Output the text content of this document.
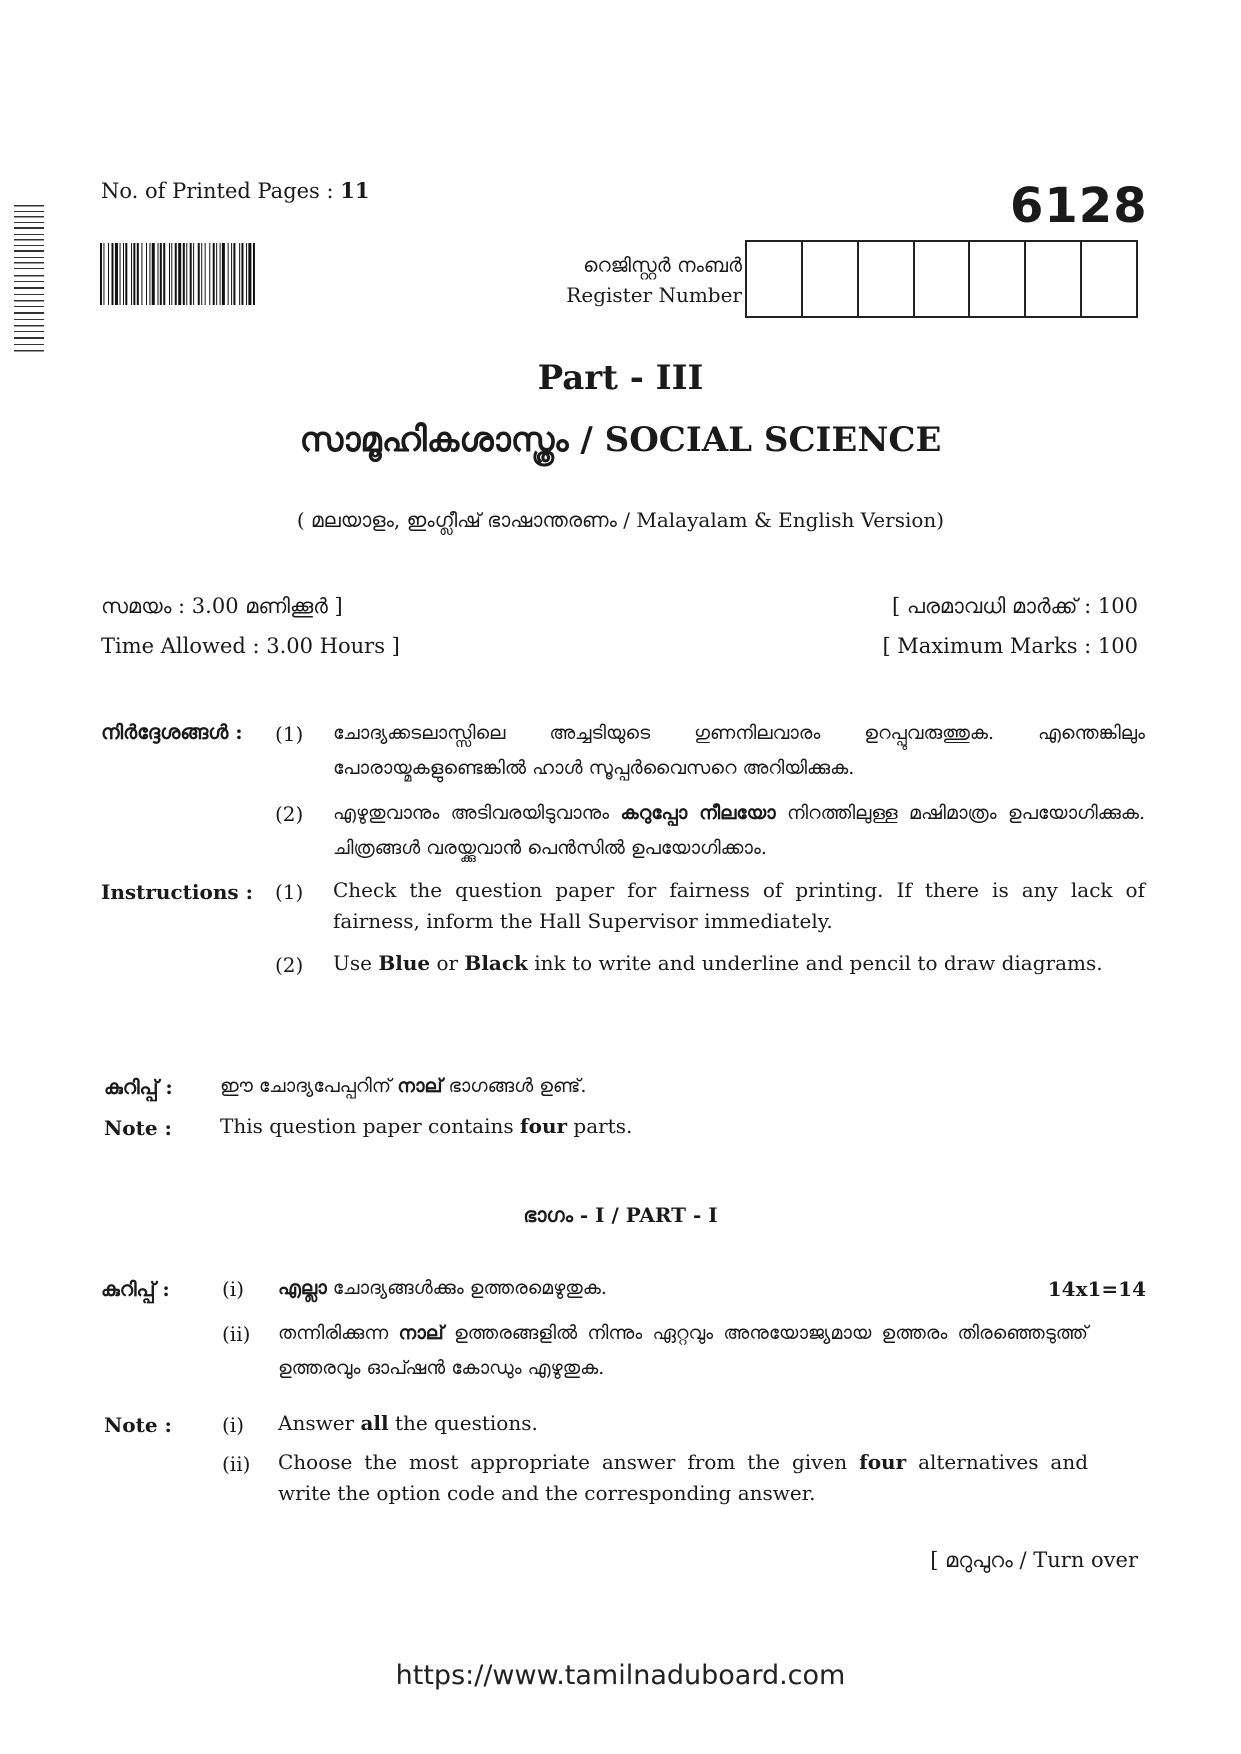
No. of Printed Pages : 11	6128
റെജിസ്റ്റർ നംബർ
Register Number
Part - III
സാമൂഹികശാസ്ത്രം / SOCIAL SCIENCE
( മലയാളം, ഇംഗ്ലീഷ് ഭാഷാന്തരണം / Malayalam & English Version)
സമയം : 3.00 മണിക്കൂർ ]
Time Allowed : 3.00 Hours ]
[ പരമാവധി മാർക്ക് : 100
[ Maximum Marks : 100
നിർദ്ദേശങ്ങൾ : (1) ചോദ്യക്കടലാസ്സിലെ അച്ചടിയുടെ ഗുണനിലവാരം ഉറപ്പുവരുത്തുക. എന്തെങ്കിലും പോരായ്മകളുണ്ടെങ്കിൽ ഹാൾ സൂപ്പർവൈസറെ അറിയിക്കുക.
(2) എഴുതുവാനും അടിവരയിടുവാനും കറുപ്പോ നീലയോ നിറത്തിലുള്ള മഷിമാത്രം ഉപയോഗിക്കുക. ചിത്രങ്ങൾ വരയ്ക്കുവാൻ പെൻസിൽ ഉപയോഗിക്കാം.
Instructions : (1) Check the question paper for fairness of printing. If there is any lack of fairness, inform the Hall Supervisor immediately.
(2) Use Blue or Black ink to write and underline and pencil to draw diagrams.
കുറിപ്പ് : ഈ ചോദ്യപേപ്പറിന് നാല് ഭാഗങ്ങൾ ഉണ്ട്.
Note : This question paper contains four parts.
ഭാഗം - I / PART - I
കുറിപ്പ് :	14x1=14
(i) എല്ലാ ചോദ്യങ്ങൾക്കും ഉത്തരമെഴുതുക.
(ii) തന്നിരിക്കുന്ന നാല് ഉത്തരങ്ങളിൽ നിന്നും ഏറ്റവും അനുയോജ്യമായ ഉത്തരം തിരഞ്ഞെടുത്ത് ഉത്തരവും ഓപ്ഷൻ കോഡും എഴുതുക.
Note :	(i) Answer all the questions.
(ii) Choose the most appropriate answer from the given four alternatives and write the option code and the corresponding answer.
[ മറുപുറം / Turn over
https://www.tamilnaduboard.com
